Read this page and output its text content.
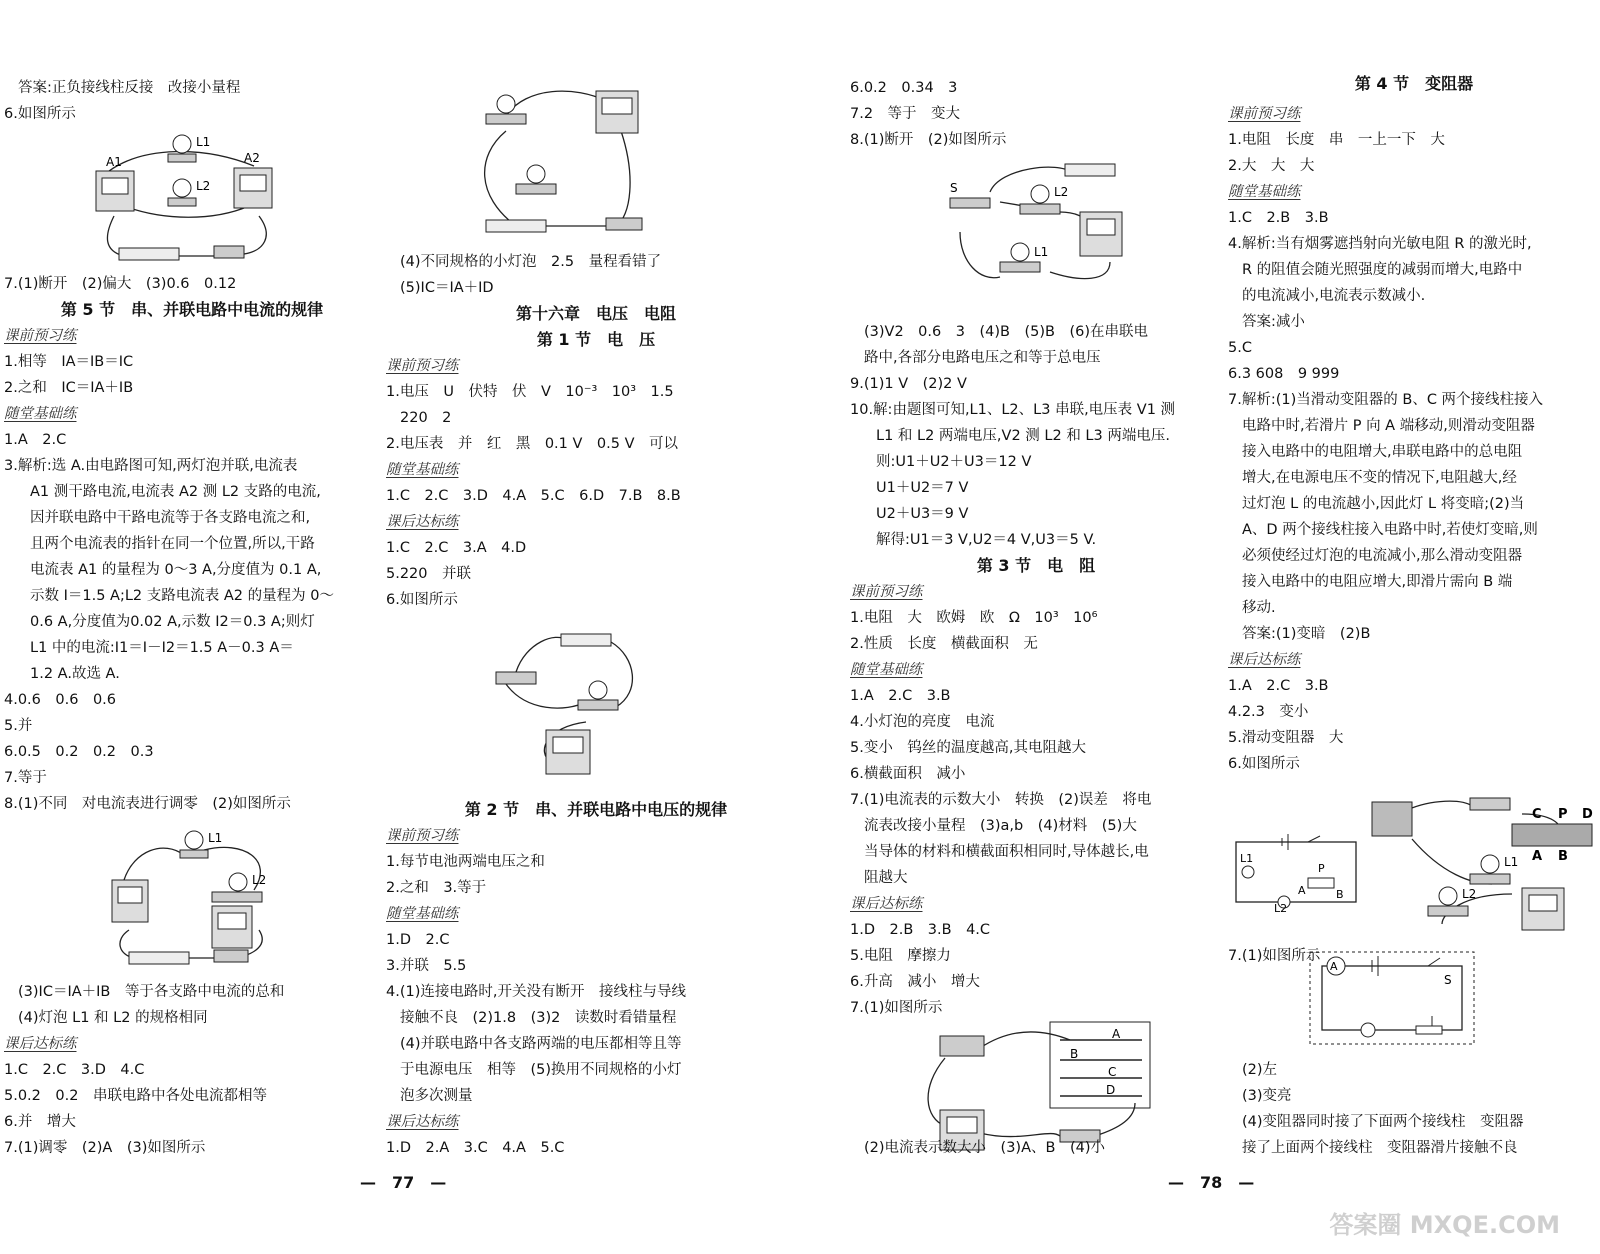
答案:正负接线柱反接　改接小量程
6.如图所示
A1
L1
A2
L2
7.(1)断开　(2)偏大　(3)0.6　0.12
第 5 节　串、并联电路中电流的规律
课前预习练
1.相等　IA＝IB＝IC
2.之和　IC＝IA＋IB
随堂基础练
1.A　2.C
3.解析:选 A.由电路图可知,两灯泡并联,电流表
A1 测干路电流,电流表 A2 测 L2 支路的电流,
因并联电路中干路电流等于各支路电流之和,
且两个电流表的指针在同一个位置,所以,干路
电流表 A1 的量程为 0～3 A,分度值为 0.1 A,
示数 I＝1.5 A;L2 支路电流表 A2 的量程为 0～
0.6 A,分度值为0.02 A,示数 I2＝0.3 A;则灯
L1 中的电流:I1＝I－I2＝1.5 A－0.3 A＝
1.2 A.故选 A.
4.0.6　0.6　0.6
5.并
6.0.5　0.2　0.2　0.3
7.等于
8.(1)不同　对电流表进行调零　(2)如图所示
L1
L2
(3)IC＝IA＋IB　等于各支路中电流的总和
(4)灯泡 L1 和 L2 的规格相同
课后达标练
1.C　2.C　3.D　4.C
5.0.2　0.2　串联电路中各处电流都相等
6.并　增大
7.(1)调零　(2)A　(3)如图所示
(4)不同规格的小灯泡　2.5　量程看错了
(5)IC＝IA＋ID
第十六章　电压　电阻
第 1 节　电　压
课前预习练
1.电压　U　伏特　伏　V　10⁻³　10³　1.5
220　2
2.电压表　并　红　黑　0.1 V　0.5 V　可以
随堂基础练
1.C　2.C　3.D　4.A　5.C　6.D　7.B　8.B
课后达标练
1.C　2.C　3.A　4.D
5.220　并联
6.如图所示
第 2 节　串、并联电路中电压的规律
课前预习练
1.每节电池两端电压之和
2.之和　3.等于
随堂基础练
1.D　2.C
3.并联　5.5
4.(1)连接电路时,开关没有断开　接线柱与导线
接触不良　(2)1.8　(3)2　读数时看错量程
(4)并联电路中各支路两端的电压都相等且等
于电源电压　相等　(5)换用不同规格的小灯
泡多次测量
课后达标练
1.D　2.A　3.C　4.A　5.C
—　77　—
6.0.2　0.34　3
7.2　等于　变大
8.(1)断开　(2)如图所示
S	L2
L1
(3)V2　0.6　3　(4)B　(5)B　(6)在串联电
路中,各部分电路电压之和等于总电压
9.(1)1 V　(2)2 V
10.解:由题图可知,L1、L2、L3 串联,电压表 V1 测
L1 和 L2 两端电压,V2 测 L2 和 L3 两端电压.
则:U1＋U2＋U3＝12 V
U1＋U2＝7 V
U2＋U3＝9 V
解得:U1＝3 V,U2＝4 V,U3＝5 V.
第 3 节　电　阻
课前预习练
1.电阻　大　欧姆　欧　Ω　10³　10⁶
2.性质　长度　横截面积　无
随堂基础练
1.A　2.C　3.B
4.小灯泡的亮度　电流
5.变小　钨丝的温度越高,其电阻越大
6.横截面积　减小
7.(1)电流表的示数大小　转换　(2)误差　将电
流表改接小量程　(3)a,b　(4)材料　(5)大
当导体的材料和横截面积相同时,导体越长,电
阻越大
课后达标练
1.D　2.B　3.B　4.C
5.电阻　摩擦力
6.升高　减小　增大
7.(1)如图所示
A
B
C
D
(2)电流表示数大小　(3)A、B　(4)小
—　78　—
第 4 节　变阻器
课前预习练
1.电阻　长度　串　一上一下　大
2.大　大　大
随堂基础练
1.C　2.B　3.B
4.解析:当有烟雾遮挡射向光敏电阻 R 的激光时,
R 的阻值会随光照强度的减弱而增大,电路中
的电流减小,电流表示数减小.
答案:减小
5.C
6.3 608　9 999
7.解析:(1)当滑动变阻器的 B、C 两个接线柱接入
电路中时,若滑片 P 向 A 端移动,则滑动变阻器
接入电路中的电阻增大,串联电路中的总电阻
增大,在电源电压不变的情况下,电阻越大,经
过灯泡 L 的电流越小,因此灯 L 将变暗;(2)当
A、D 两个接线柱接入电路中时,若使灯变暗,则
必须使经过灯泡的电流减小,那么滑动变阻器
接入电路中的电阻应增大,即滑片需向 B 端
移动.
答案:(1)变暗　(2)B
课后达标练
1.A　2.C　3.B
4.2.3　变小
5.滑动变阻器　大
6.如图所示
L1
P
A	B
L2
C P D
L1 A B
L2
7.(1)如图所示
A
S
(2)左
(3)变亮
(4)变阻器同时接了下面两个接线柱　变阻器
接了上面两个接线柱　变阻器滑片接触不良
答案圈 MXQE.COM
